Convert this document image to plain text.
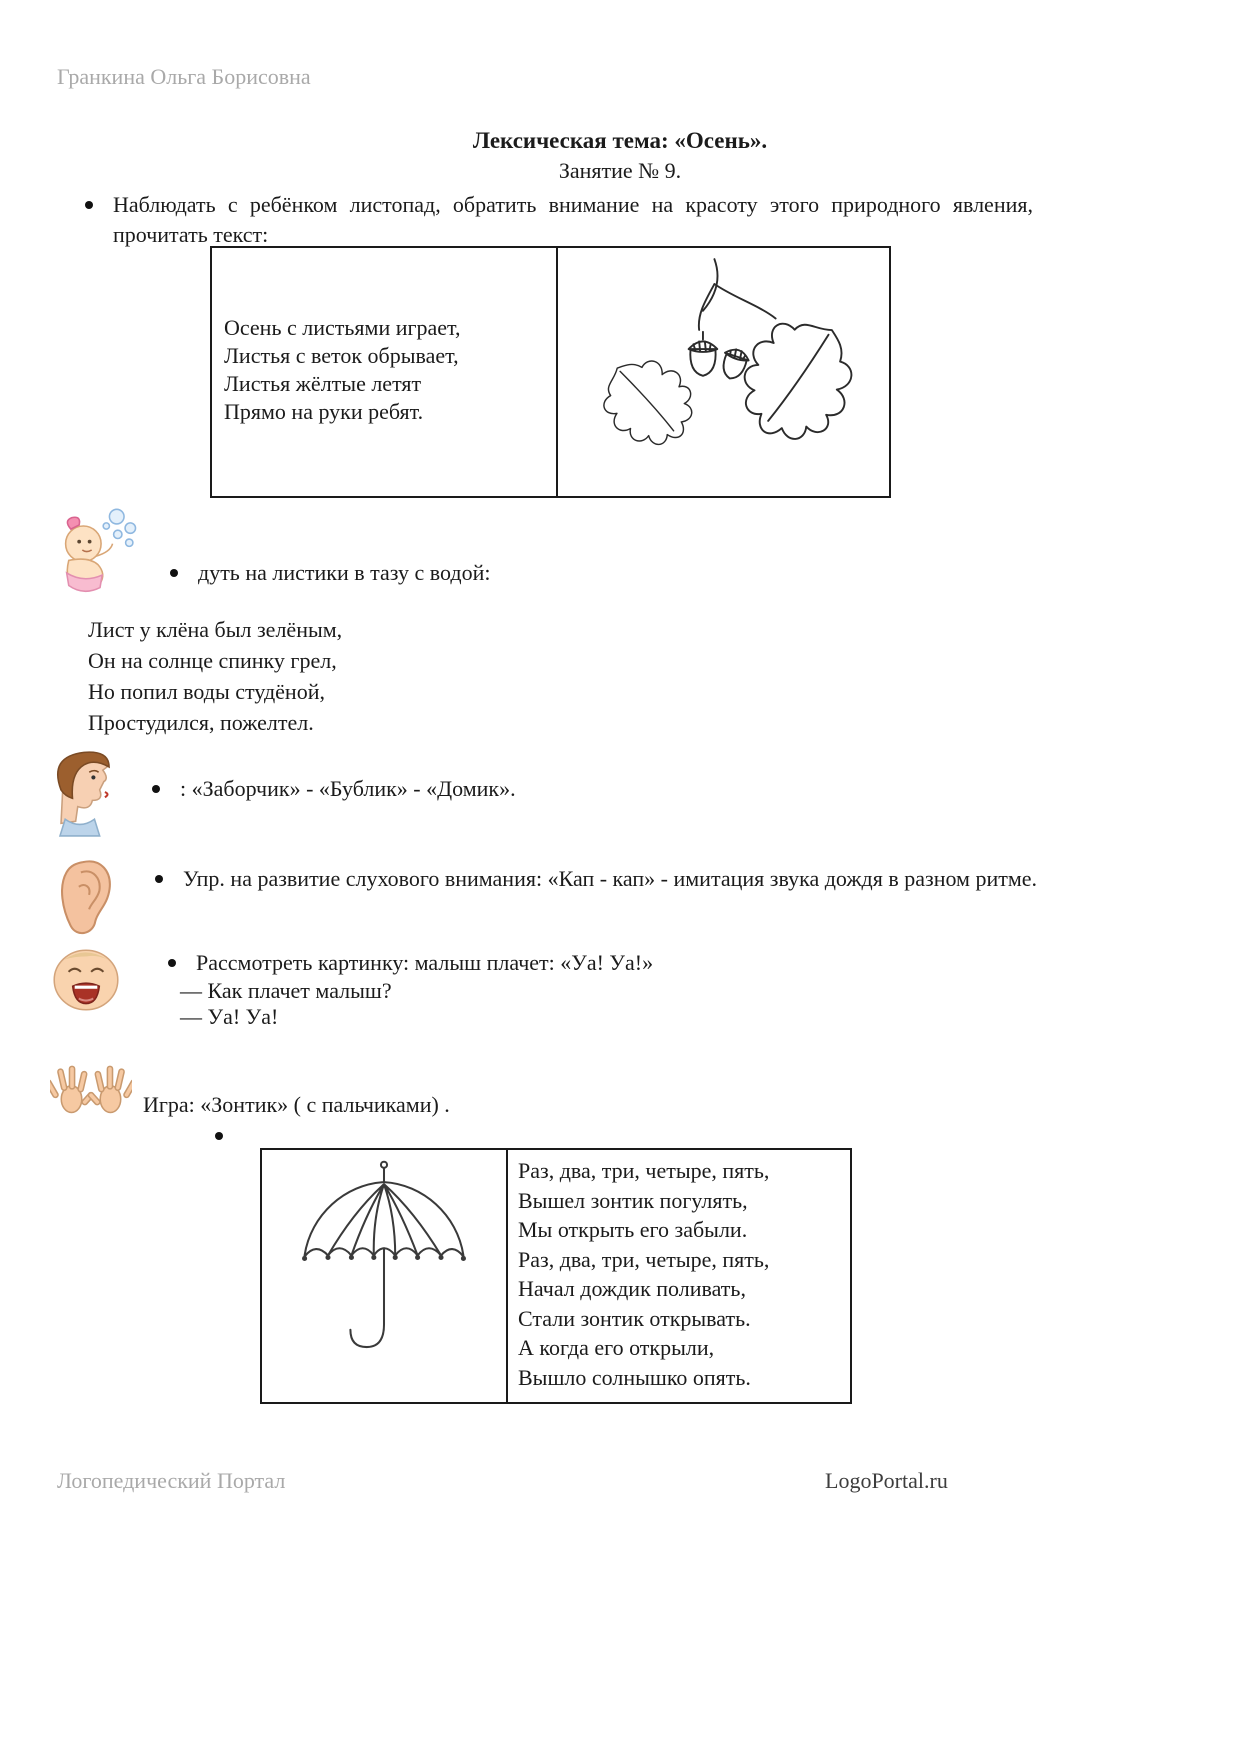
Гранкина Ольга Борисовна
Лексическая тема: «Осень».
Занятие № 9.
Наблюдать с ребёнком листопад, обратить внимание на красоту этого природного явления, прочитать текст:
Осень с листьями играет,
Листья с веток обрывает,
Листья жёлтые летят
Прямо на руки ребят.
дуть на листики в тазу с водой:
Лист у клёна был зелёным,
Он на солнце спинку грел,
Но попил воды студёной,
Простудился, пожелтел.
: «Заборчик» - «Бублик» - «Домик».
Упр. на развитие слухового внимания: «Кап - кап» - имитация звука дождя в разном ритме.
Рассмотреть картинку: малыш плачет: «Уа! Уа!»
— Как плачет малыш?
— Уа! Уа!
Игра: «Зонтик» ( с пальчиками) .
Раз, два, три, четыре, пять,
Вышел зонтик погулять,
Мы открыть его забыли.
Раз, два, три, четыре, пять,
Начал дождик поливать,
Стали зонтик открывать.
А когда его открыли,
Вышло солнышко опять.
Логопедический Портал	LogoPortal.ru
